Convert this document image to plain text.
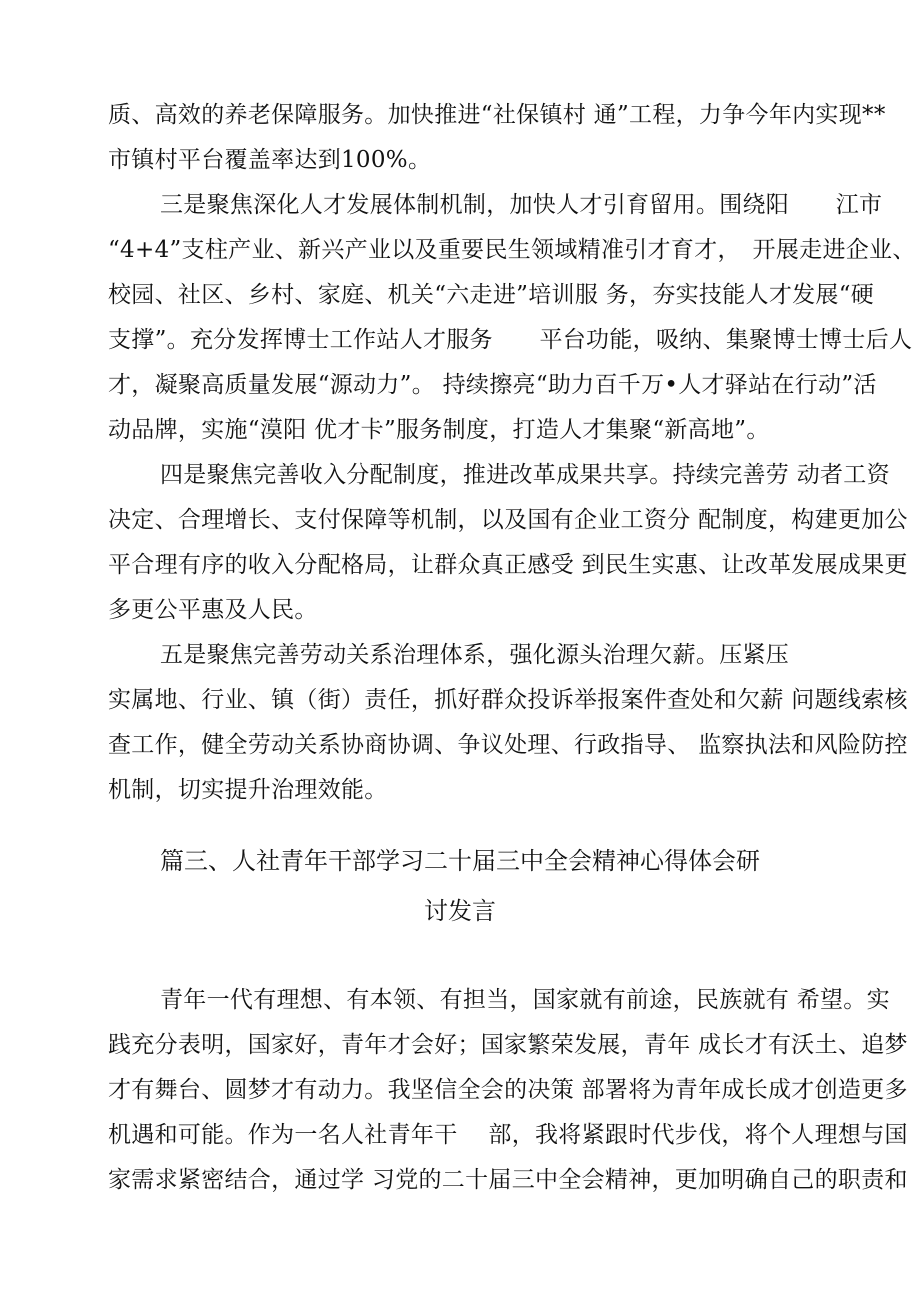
质、高效的养老保障服务。加快推进“社保镇村 通”工程，力争今年内实现**
市镇村平台覆盖率达到100%。
三是聚焦深化人才发展体制机制，加快人才引育留用。围绕阳　　江市
“4+4”支柱产业、新兴产业以及重要民生领域精准引才育才，　开展走进企业、
校园、社区、乡村、家庭、机关“六走进”培训服 务，夯实技能人才发展“硬
支撑”。充分发挥博士工作站人才服务　　平台功能，吸纳、集聚博士博士后人
才，凝聚高质量发展“源动力”。 持续擦亮“助力百千万•人才驿站在行动”活
动品牌，实施“漠阳 优才卡”服务制度，打造人才集聚“新高地”。
四是聚焦完善收入分配制度，推进改革成果共享。持续完善劳 动者工资
决定、合理增长、支付保障等机制，以及国有企业工资分 配制度，构建更加公
平合理有序的收入分配格局，让群众真正感受 到民生实惠、让改革发展成果更
多更公平惠及人民。
五是聚焦完善劳动关系治理体系，强化源头治理欠薪。压紧压
实属地、行业、镇（街）责任，抓好群众投诉举报案件查处和欠薪 问题线索核
查工作，健全劳动关系协商协调、争议处理、行政指导、 监察执法和风险防控
机制，切实提升治理效能。
篇三、人社青年干部学习二十届三中全会精神心得体会研
讨发言
青年一代有理想、有本领、有担当，国家就有前途，民族就有 希望。实
践充分表明，国家好，青年才会好；国家繁荣发展，青年 成长才有沃土、追梦
才有舞台、圆梦才有动力。我坚信全会的决策 部署将为青年成长成才创造更多
机遇和可能。作为一名人社青年干　 部，我将紧跟时代步伐，将个人理想与国
家需求紧密结合，通过学 习党的二十届三中全会精神，更加明确自己的职责和
